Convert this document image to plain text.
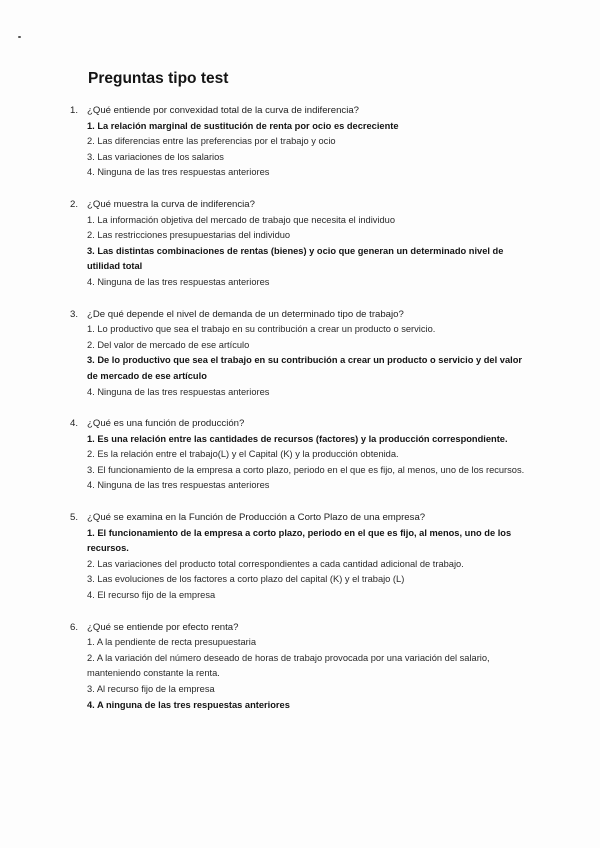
Preguntas tipo test
1. ¿Qué entiende por convexidad total de la curva de indiferencia?
1. La relación marginal de sustitución de renta por ocio es decreciente
2. Las diferencias entre las preferencias por el trabajo y ocio
3. Las variaciones de los salarios
4. Ninguna de las tres respuestas anteriores
2. ¿Qué muestra la curva de indiferencia?
1. La información objetiva del mercado de trabajo que necesita el individuo
2. Las restricciones presupuestarias del individuo
3. Las distintas combinaciones de rentas (bienes) y ocio que generan un determinado nivel de utilidad total
4. Ninguna de las tres respuestas anteriores
3. ¿De qué depende el nivel de demanda de un determinado tipo de trabajo?
1. Lo productivo que sea el trabajo en su contribución a crear un producto o servicio.
2. Del valor de mercado de ese artículo
3. De lo productivo que sea el trabajo en su contribución a crear un producto o servicio y del valor de mercado de ese artículo
4. Ninguna de las tres respuestas anteriores
4. ¿Qué es una función de producción?
1. Es una relación entre las cantidades de recursos (factores) y la producción correspondiente.
2. Es la relación entre el trabajo(L) y el Capital (K) y la producción obtenida.
3. El funcionamiento de la empresa a corto plazo, periodo en el que es fijo, al menos, uno de los recursos.
4. Ninguna de las tres respuestas anteriores
5. ¿Qué se examina en la Función de Producción a Corto Plazo de una empresa?
1. El funcionamiento de la empresa a corto plazo, periodo en el que es fijo, al menos, uno de los recursos.
2. Las variaciones del producto total correspondientes a cada cantidad adicional de trabajo.
3. Las evoluciones de los factores a corto plazo del capital (K) y el trabajo (L)
4. El recurso fijo de la empresa
6. ¿Qué se entiende por efecto renta?
1. A la pendiente de recta presupuestaria
2. A la variación del número deseado de horas de trabajo provocada por una variación del salario, manteniendo constante la renta.
3. Al recurso fijo de la empresa
4. A ninguna de las tres respuestas anteriores
